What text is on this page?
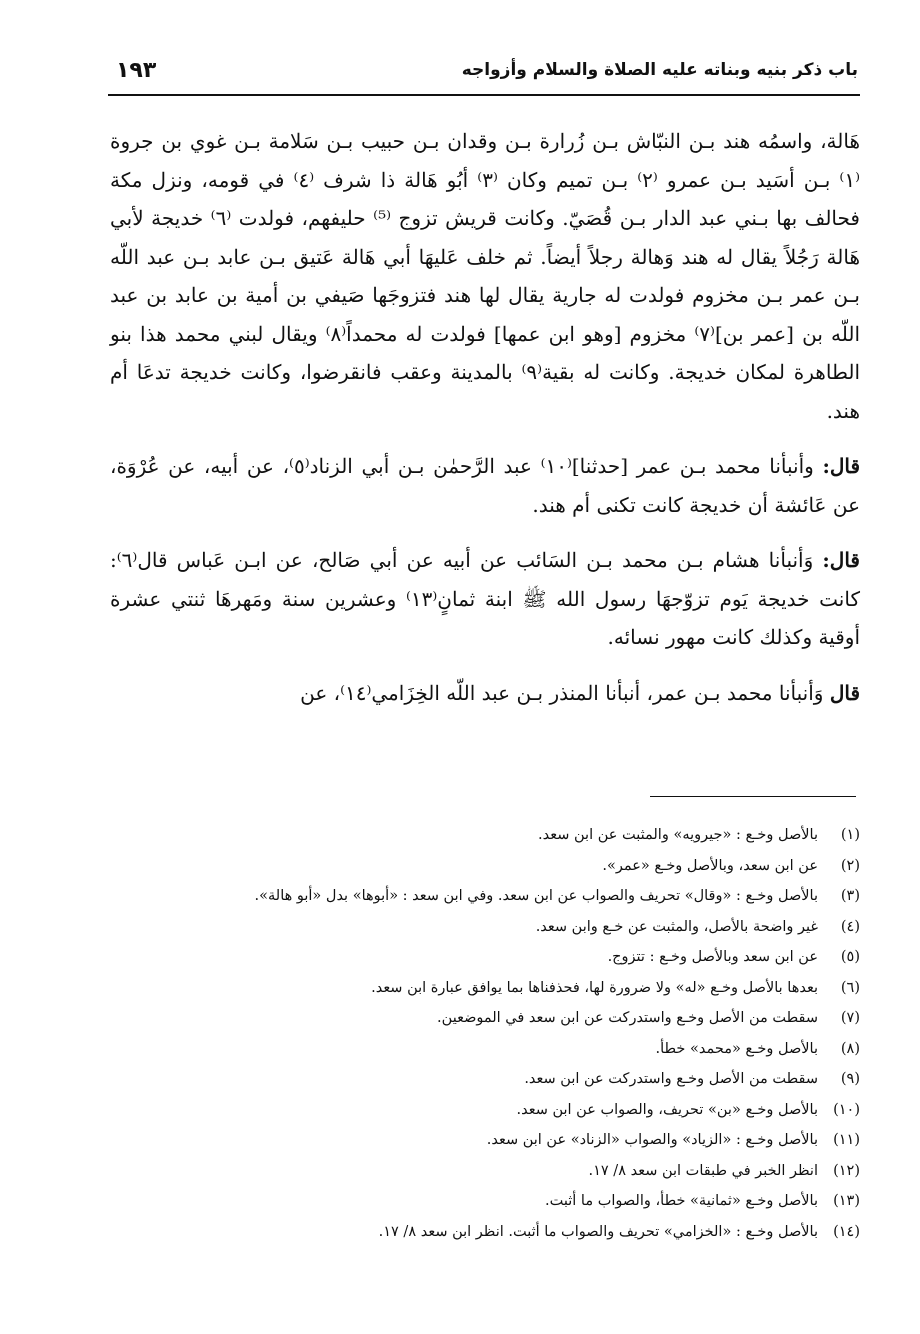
١٩٣	باب ذكر بنيه وبناته عليه الصلاة والسلام وأزواجه

هَالة، واسمُه هند بـن النبّاش بـن زُرارة بـن وقدان بـن حبيب بـن سَلامة بـن غوي بن جروة ⁽١⁾ بـن أسَيد بـن عمرو ⁽٢⁾ بـن تميم وكان ⁽٣⁾ أبُو هَالة ذا شرف ⁽٤⁾ في قومه، ونزل مكة فحالف بها بـني عبد الدار بـن قُصَيّ. وكانت قريش تزوج ⁽⁵⁾ حليفهم، فولدت ⁽٦⁾ خديجة لأبي هَالة رَجُلاً يقال له هند وَهالة رجلاً أيضاً. ثم خلف عَليهَا أبي هَالة عَتيق بـن عابد بـن عبد اللّه بـن عمر بـن مخزوم فولدت له جارية يقال لها هند فتزوجَها صَيفي بن أمية بن عابد بن عبد اللّه بن [عمر بن]⁽٧⁾ مخزوم [وهو ابن عمها] فولدت له محمداً⁽٨⁾ ويقال لبني محمد هذا بنو الطاهرة لمكان خديجة. وكانت له بقية⁽٩⁾ بالمدينة وعقب فانقرضوا، وكانت خديجة تدعَا أم هند.

قال: وأنبأنا محمد بـن عمر [حدثنا]⁽١٠⁾ عبد الرَّحمٰن بـن أبي الزناد⁽٥⁾، عن أبيه، عن عُرْوَة، عن عَائشة أن خديجة كانت تكنى أم هند.

قال: وَأنبأنا هشام بـن محمد بـن السَائب عن أبيه عن أبي صَالح، عن ابـن عَباس قال⁽٦⁾: كانت خديجة يَوم تزوّجهَا رسول الله ﷺ ابنة ثمانٍ⁽١٣⁾ وعشرين سنة ومَهرهَا ثنتي عشرة أوقية وكذلك كانت مهور نسائه.

قال وَأنبأنا محمد بـن عمر، أنبأنا المنذر بـن عبد اللّه الخِزَامي⁽١٤⁾، عن

(١)
بالأصل وخـع : «جيرويه» والمثبت عن ابن سعد.
(٢)
عن ابن سعد، وبالأصل وخـع «عمر».
(٣)
بالأصل وخـع : «وقال» تحريف والصواب عن ابن سعد. وفي ابن سعد : «أبوها» بدل «أبو هالة».
(٤)
غير واضحة بالأصل، والمثبت عن خـع وابن سعد.
(٥)
عن ابن سعد وبالأصل وخـع : تتزوج.
(٦)
بعدها بالأصل وخـع «له» ولا ضرورة لها، فحذفناها بما يوافق عبارة ابن سعد.
(٧)
سقطت من الأصل وخـع واستدركت عن ابن سعد في الموضعين.
(٨)
بالأصل وخـع «محمد» خطأ.
(٩)
سقطت من الأصل وخـع واستدركت عن ابن سعد.
(١٠)
بالأصل وخـع «بن» تحريف، والصواب عن ابن سعد.
(١١)
بالأصل وخـع : «الزياد» والصواب «الزناد» عن ابن سعد.
(١٢)
انظر الخبر في طبقات ابن سعد ٨/ ١٧.
(١٣)
بالأصل وخـع «ثمانية» خطأ، والصواب ما أثبت.
(١٤)
بالأصل وخـع : «الخزامي» تحريف والصواب ما أثبت. انظر ابن سعد ٨/ ١٧.
